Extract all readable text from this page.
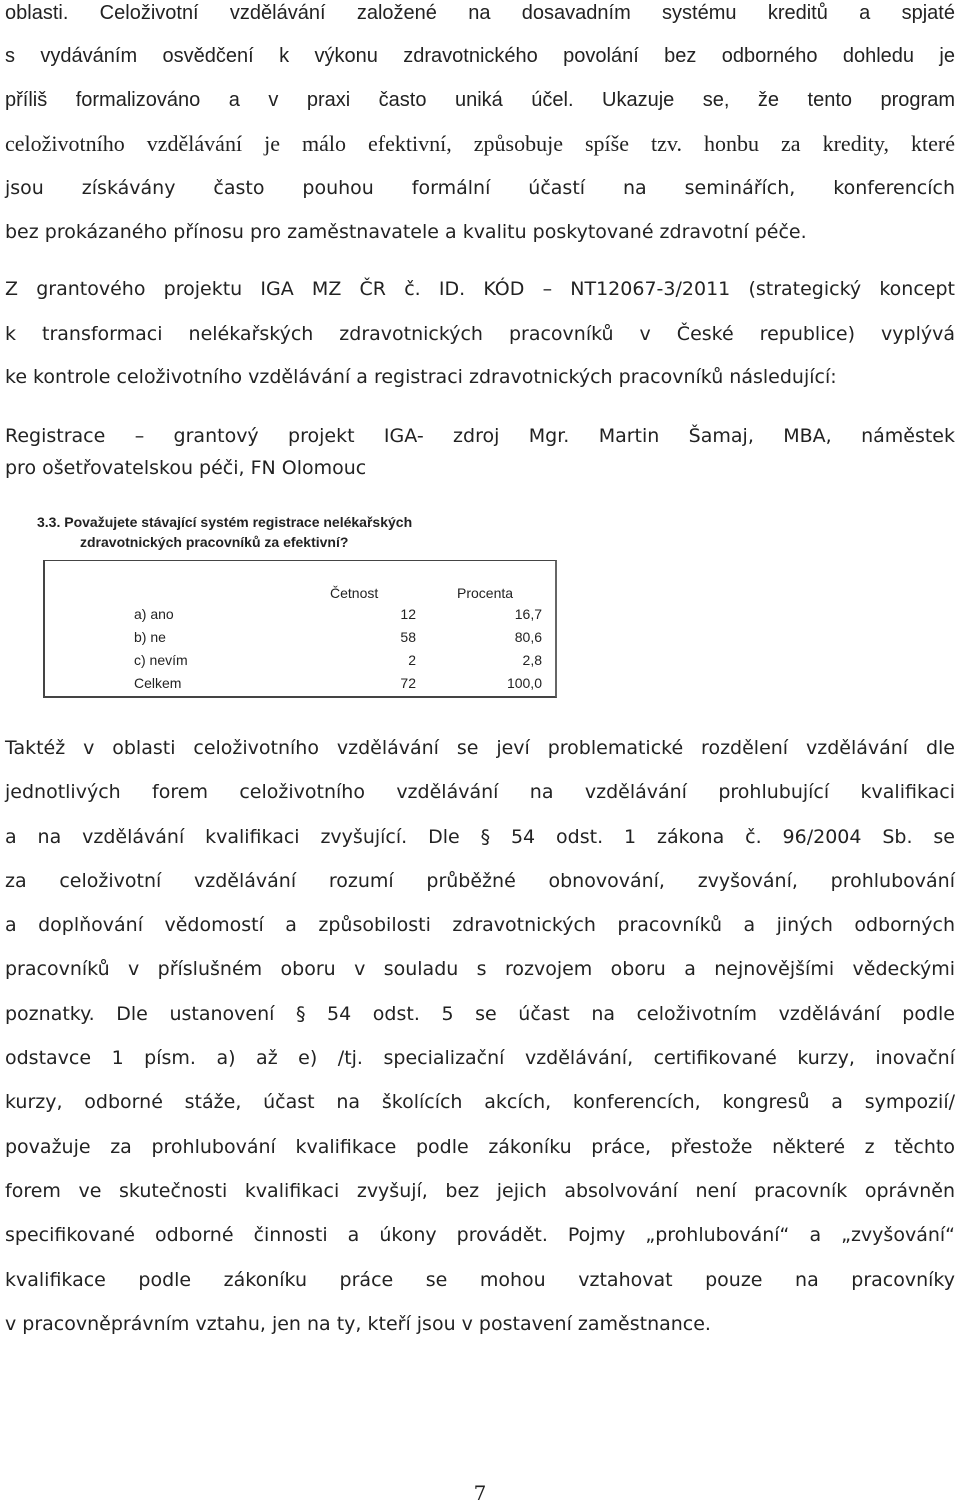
oblasti. Celoživotní vzdělávání založené na dosavadním systému kreditů a spjaté
s vydáváním osvědčení k výkonu zdravotnického povolání bez odborného dohledu je
příliš formalizováno a v praxi často uniká účel. Ukazuje se, že tento program
celoživotního vzdělávání je málo efektivní, způsobuje spíše tzv. honbu za kredity, které
jsou získávány často pouhou formální účastí na seminářích, konferencích
bez prokázaného přínosu pro zaměstnavatele a kvalitu poskytované zdravotní péče.
Z grantového projektu IGA MZ ČR č. ID. KÓD – NT12067-3/2011 (strategický koncept
k transformaci nelékařských zdravotnických pracovníků v České republice) vyplývá
ke kontrole celoživotního vzdělávání a registraci zdravotnických pracovníků následující:
Registrace – grantový projekt IGA- zdroj Mgr. Martin Šamaj, MBA, náměstek
pro ošetřovatelskou péči, FN Olomouc
3.3. Považujete stávající systém registrace nelékařských
zdravotnických pracovníků za efektivní?
Četnost	Procenta
a) ano	12	16,7
b) ne	58	80,6
c) nevím	2	2,8
Celkem	72	100,0
Taktéž v oblasti celoživotního vzdělávání se jeví problematické rozdělení vzdělávání dle
jednotlivých forem celoživotního vzdělávání na vzdělávání prohlubující kvalifikaci
a na vzdělávání kvalifikaci zvyšující. Dle § 54 odst. 1 zákona č. 96/2004 Sb. se
za celoživotní vzdělávání rozumí průběžné obnovování, zvyšování, prohlubování
a doplňování vědomostí a způsobilosti zdravotnických pracovníků a jiných odborných
pracovníků v příslušném oboru v souladu s rozvojem oboru a nejnovějšími vědeckými
poznatky. Dle ustanovení § 54 odst. 5 se účast na celoživotním vzdělávání podle
odstavce 1 písm. a) až e) /tj. specializační vzdělávání, certifikované kurzy, inovační
kurzy, odborné stáže, účast na školících akcích, konferencích, kongresů a sympozií/
považuje za prohlubování kvalifikace podle zákoníku práce, přestože některé z těchto
forem ve skutečnosti kvalifikaci zvyšují, bez jejich absolvování není pracovník oprávněn
specifikované odborné činnosti a úkony provádět. Pojmy „prohlubování“ a „zvyšování“
kvalifikace podle zákoníku práce se mohou vztahovat pouze na pracovníky
v pracovněprávním vztahu, jen na ty, kteří jsou v postavení zaměstnance.
7
